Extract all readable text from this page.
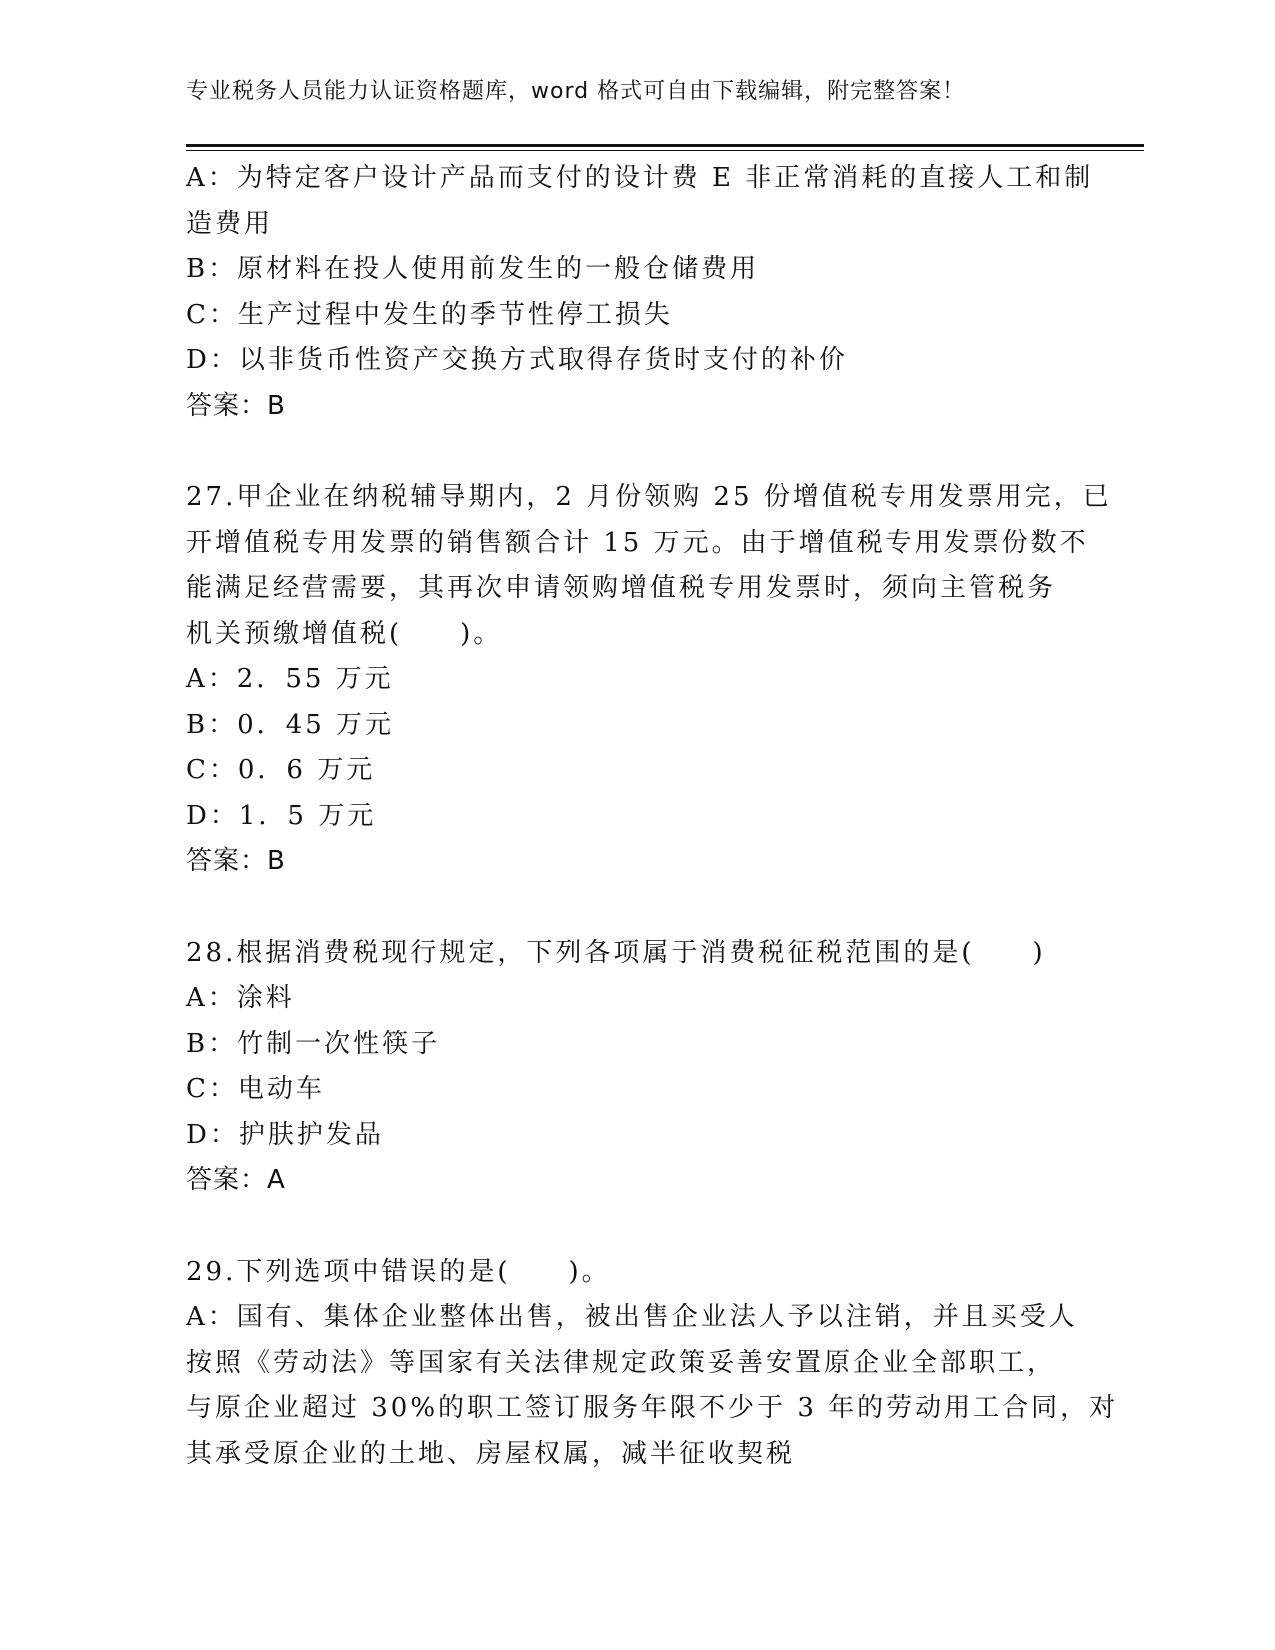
专业税务人员能力认证资格题库，word 格式可自由下载编辑，附完整答案！
A：为特定客户设计产品而支付的设计费 E 非正常消耗的直接人工和制
造费用
B：原材料在投人使用前发生的一般仓储费用
C：生产过程中发生的季节性停工损失
D：以非货币性资产交换方式取得存货时支付的补价
答案：B
27.甲企业在纳税辅导期内，2 月份领购 25 份增值税专用发票用完，已
开增值税专用发票的销售额合计 15 万元。由于增值税专用发票份数不
能满足经营需要，其再次申请领购增值税专用发票时，须向主管税务
机关预缴增值税(　　)。
A：2．55 万元
B：0．45 万元
C：0．6 万元
D：1．5 万元
答案：B
28.根据消费税现行规定，下列各项属于消费税征税范围的是(　　)
A：涂料
B：竹制一次性筷子
C：电动车
D：护肤护发品
答案：A
29.下列选项中错误的是(　　)。
A：国有、集体企业整体出售，被出售企业法人予以注销，并且买受人
按照《劳动法》等国家有关法律规定政策妥善安置原企业全部职工，
与原企业超过 30%的职工签订服务年限不少于 3 年的劳动用工合同，对
其承受原企业的土地、房屋权属，减半征收契税
